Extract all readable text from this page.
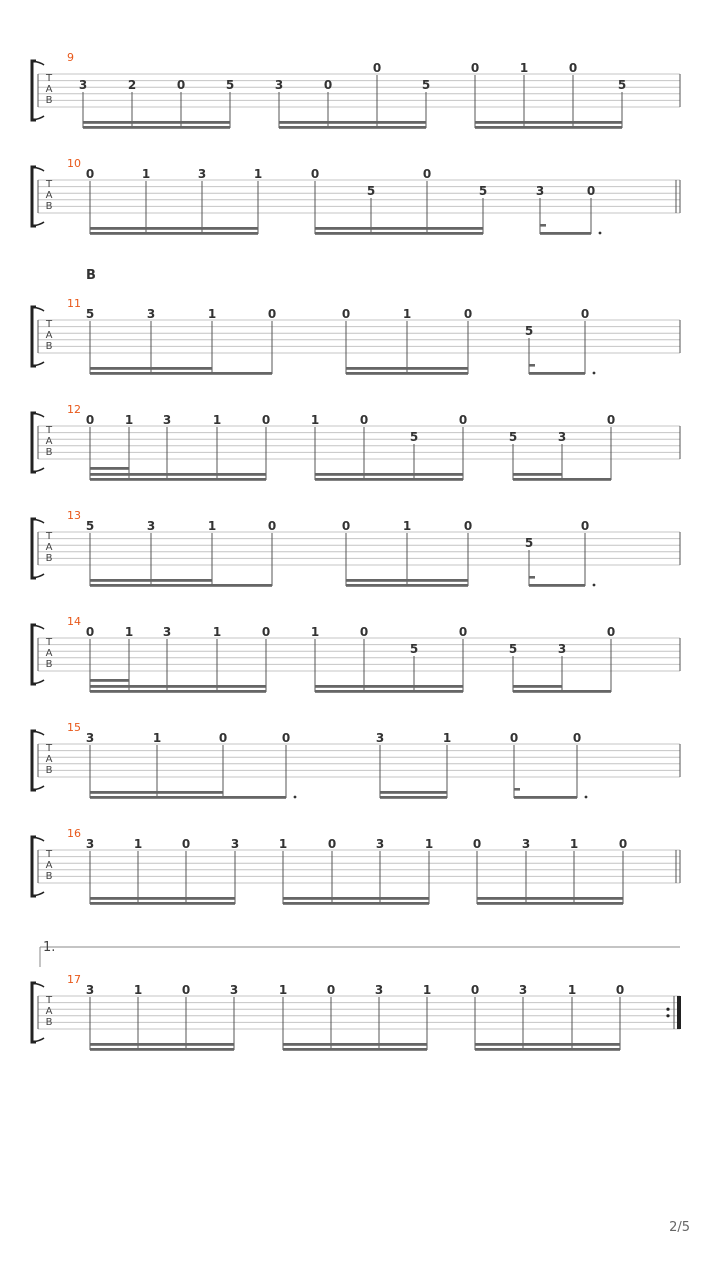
9
T
A
B
3	2	0	5	3	0
0
5
0	1	0
5
10
T
A
B
0	1	3	1	0
5
0
5	3	0
11
T
A
B
5	3	1	0	0	1	0
5
0
12
T
A
B
0	1 3	1	0	1	0
5
0
5	3
0
13
T
A
B
5	3	1	0	0	1	0
5
0
14
T
A
B
0	1 3	1	0	1	0
5
0
5	3
0
15
T
A
B
3	1	0	0	3	1	0	0
16
T
A
B
3	1	0	3	1	0	3	1	0	3	1	0
17
T
A
B
3	1	0	3	1	0	3	1	0	3	1	0
B
1.
2/5
